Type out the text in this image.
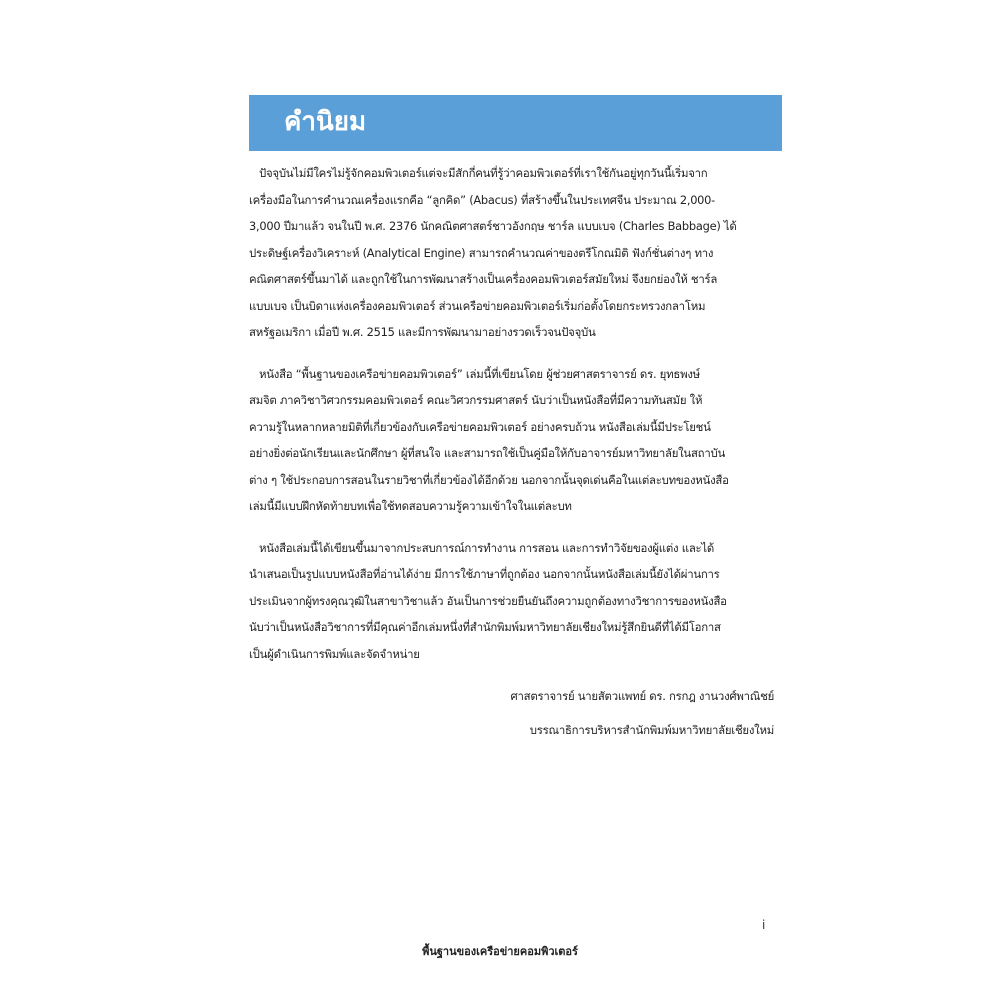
คำนิยม

ปัจจุบันไม่มีใครไม่รู้จักคอมพิวเตอร์แต่จะมีสักกี่คนที่รู้ว่าคอมพิวเตอร์ที่เราใช้กันอยู่ทุกวันนี้เริ่มจาก
เครื่องมือในการคำนวณเครื่องแรกคือ “ลูกคิด” (Abacus) ที่สร้างขึ้นในประเทศจีน ประมาณ 2,000-
3,000 ปีมาแล้ว จนในปี พ.ศ. 2376 นักคณิตศาสตร์ชาวอังกฤษ ชาร์ล แบบเบจ (Charles Babbage) ได้
ประดิษฐ์เครื่องวิเคราะห์ (Analytical Engine) สามารถคำนวณค่าของตรีโกณมิติ ฟังก์ชั่นต่างๆ ทาง
คณิตศาสตร์ขึ้นมาได้ และถูกใช้ในการพัฒนาสร้างเป็นเครื่องคอมพิวเตอร์สมัยใหม่ จึงยกย่องให้ ชาร์ล
แบบเบจ เป็นบิดาแห่งเครื่องคอมพิวเตอร์ ส่วนเครือข่ายคอมพิวเตอร์เริ่มก่อตั้งโดยกระทรวงกลาโหม
สหรัฐอเมริกา เมื่อปี พ.ศ. 2515 และมีการพัฒนามาอย่างรวดเร็วจนปัจจุบัน

หนังสือ “พื้นฐานของเครือข่ายคอมพิวเตอร์” เล่มนี้ที่เขียนโดย ผู้ช่วยศาสตราจารย์ ดร. ยุทธพงษ์
สมจิต ภาควิชาวิศวกรรมคอมพิวเตอร์ คณะวิศวกรรมศาสตร์ นับว่าเป็นหนังสือที่มีความทันสมัย ให้
ความรู้ในหลากหลายมิติที่เกี่ยวข้องกับเครือข่ายคอมพิวเตอร์ อย่างครบถ้วน หนังสือเล่มนี้มีประโยชน์
อย่างยิ่งต่อนักเรียนและนักศึกษา ผู้ที่สนใจ และสามารถใช้เป็นคู่มือให้กับอาจารย์มหาวิทยาลัยในสถาบัน
ต่าง ๆ ใช้ประกอบการสอนในรายวิชาที่เกี่ยวข้องได้อีกด้วย นอกจากนั้นจุดเด่นคือในแต่ละบทของหนังสือ
เล่มนี้มีแบบฝึกหัดท้ายบทเพื่อใช้ทดสอบความรู้ความเข้าใจในแต่ละบท

หนังสือเล่มนี้ได้เขียนขึ้นมาจากประสบการณ์การทำงาน การสอน และการทำวิจัยของผู้แต่ง และได้
นำเสนอเป็นรูปแบบหนังสือที่อ่านได้ง่าย มีการใช้ภาษาที่ถูกต้อง นอกจากนั้นหนังสือเล่มนี้ยังได้ผ่านการ
ประเมินจากผู้ทรงคุณวุฒิในสาขาวิชาแล้ว อันเป็นการช่วยยืนยันถึงความถูกต้องทางวิชาการของหนังสือ
นับว่าเป็นหนังสือวิชาการที่มีคุณค่าอีกเล่มหนึ่งที่สำนักพิมพ์มหาวิทยาลัยเชียงใหม่รู้สึกยินดีที่ได้มีโอกาส
เป็นผู้ดำเนินการพิมพ์และจัดจำหน่าย

ศาสตราจารย์ นายสัตวแพทย์ ดร. กรกฎ งานวงศ์พาณิชย์
บรรณาธิการบริหารสำนักพิมพ์มหาวิทยาลัยเชียงใหม่
i
พื้นฐานของเครือข่ายคอมพิวเตอร์
